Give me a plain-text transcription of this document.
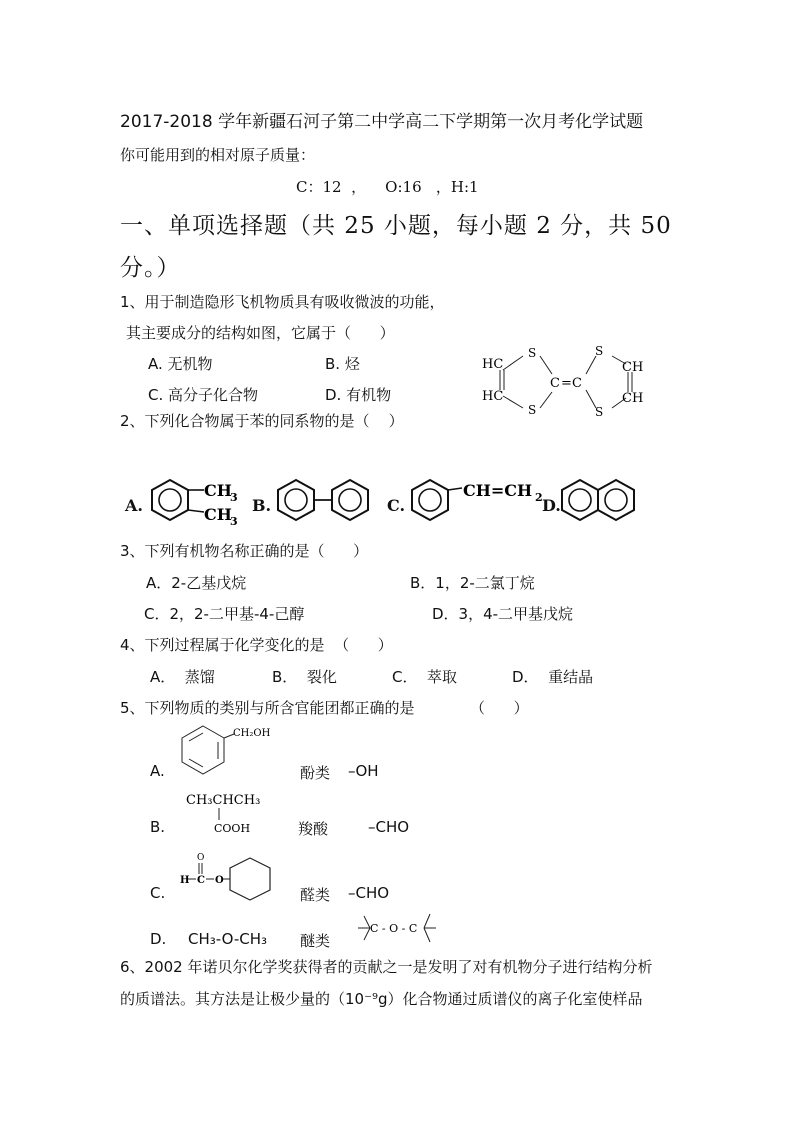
2017-2018 学年新疆石河子第二中学高二下学期第一次月考化学试题
你可能用到的相对原子质量：
C：12  ，    O:16   ，H:1
一、单项选择题（共 25 小题，每小题 2 分，共 50
分。）
1、用于制造隐形飞机物质具有吸收微波的功能，
其主要成分的结构如图，它属于（      ）
A. 无机物	B. 烃
C. 高分子化合物	D. 有机物
HC
HC
S
S
C = C
S
S
CH
CH
2、下列化合物属于苯的同系物的是（    ）
A.
CH
3
CH
3
B.	C.
CH=CH 2 D.
3、下列有机物名称正确的是（      ）
A．2-乙基戊烷	B．1，2-二氯丁烷
C．2，2-二甲基-4-己醇	D．3，4-二甲基戊烷
4、下列过程属于化学变化的是  （      ）
A．  蒸馏	B．  裂化	C．  萃取	D．  重结晶
5、下列物质的类别与所含官能团都正确的是	（      ）
A.
CH₂OH
酚类 –OH
CH₃CHCH₃
COOH
B.	羧酸	–CHO
C.
H C
O
O
醛类 –CHO
D. CH₃-O-CH₃ 醚类
C - O - C
6、2002 年诺贝尔化学奖获得者的贡献之一是发明了对有机物分子进行结构分析
的质谱法。其方法是让极少量的（10⁻⁹g）化合物通过质谱仪的离子化室使样品
